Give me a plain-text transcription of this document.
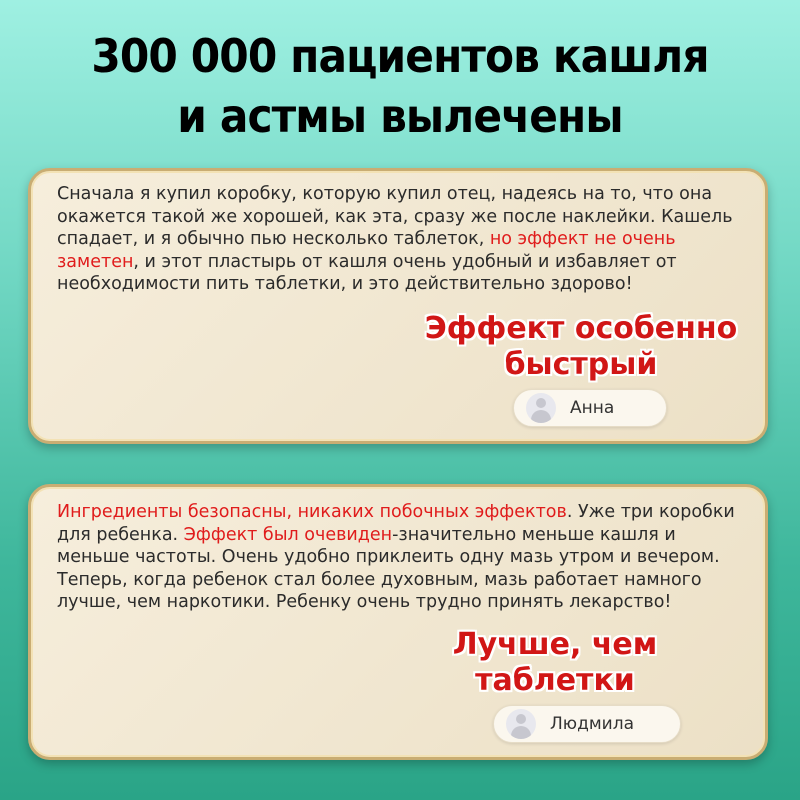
300 000 пациентов кашля
и астмы вылечены
Сначала я купил коробку, которую купил отец, надеясь на то, что она окажется такой же хорошей, как эта, сразу же после наклейки. Кашель спадает, и я обычно пью несколько таблеток, но эффект не очень заметен, и этот пластырь от кашля очень удобный и избавляет от необходимости пить таблетки, и это действительно здорово!
Эффект особенно
быстрый
Анна
Ингредиенты безопасны, никаких побочных эффектов. Уже три коробки для ребенка. Эффект был очевиден-значительно меньше кашля и меньше частоты. Очень удобно приклеить одну мазь утром и вечером. Теперь, когда ребенок стал более духовным, мазь работает намного лучше, чем наркотики. Ребенку очень трудно принять лекарство!
Лучше, чем
таблетки
Людмила
